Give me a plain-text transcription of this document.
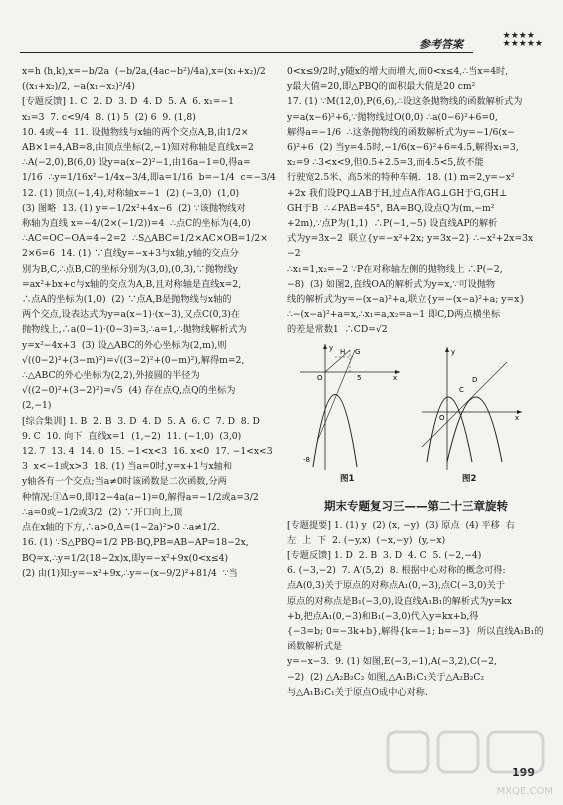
参考答案
★★★★
★★★★★

x=h (h,k),x=−b/2a  (−b/2a,(4ac−b²)/4a),x=(x₁+x₂)/2

((x₁+x₂)/2, −a(x₁−x₂)²/4)

[专题反馈] 1. C  2. D  3. D  4. D  5. A  6. x₁=−1

x₂=3  7. c<9/4  8. (1) 5  (2) 6  9. (1,8)

10. 4或−4  11. 设抛物线与x轴的两个交点A,B,由1/2×

AB×1=4,AB=8,由顶点坐标(2,−1)知对称轴是直线x=2

∴A(−2,0),B(6,0) 设y=a(x−2)²−1,由16a−1=0,得a=

1/16  ∴y=1/16x²−1/4x−3/4,即a=1/16  b=−1/4  c=−3/4

12. (1) 顶点(−1,4),对称轴x=−1  (2) (−3,0)  (1,0)

(3) 图略  13. (1) y=−1/2x²+4x−6  (2) ∵该抛物线对

称轴为直线 x=−4/(2×(−1/2))=4  ∴点C的坐标为(4,0)

∴AC=OC−OA=4−2=2  ∴S△ABC=1/2×AC×OB=1/2×

2×6=6  14. (1) ∵直线y=−x+3与x轴,y轴的交点分

别为B,C,∴点B,C的坐标分别为(3,0),(0,3),∵抛物线y

=ax²+bx+c与x轴的交点为A,B,且对称轴是直线x=2,

∴点A的坐标为(1,0)  (2) ∵点A,B是抛物线与x轴的

两个交点,设表达式为y=a(x−1)·(x−3),又点C(0,3)在

抛物线上,∴a(0−1)·(0−3)=3,∴a=1,∴抛物线解析式为

y=x²−4x+3  (3) 设△ABC的外心坐标为(2,m),则

√((0−2)²+(3−m)²)=√((3−2)²+(0−m)²),解得m=2,

∴△ABC的外心坐标为(2,2),外接圆的半径为

√((2−0)²+(3−2)²)=√5  (4) 存在点Q,点Q的坐标为

(2,−1)

[综合集训] 1. B  2. B  3. D  4. D  5. A  6. C  7. D  8. D

9. C  10. 向下  直线x=1  (1,−2)  11. (−1,0)  (3,0)

12. 7  13. 4  14. 0  15. −1<x<3  16. x<0  17. −1<x<3

3  x<−1或x>3  18. (1) 当a=0时,y=x+1与x轴和

y轴各有一个交点;当a≠0时该函数是二次函数,分两

种情况:①Δ=0,即12−4a(a−1)=0,解得a=−1/2或a=3/2

∴a=0或−1/2或3/2  (2) ∵开口向上,顶

点在x轴的下方,∴a>0,Δ=(1−2a)²>0 ∴a≠1/2.

16. (1) ∵S△PBQ=1/2 PB·BQ,PB=AB−AP=18−2x,

BQ=x,∴y=1/2(18−2x)x,即y=−x²+9x(0<x≤4)

(2) 由(1)知:y=−x²+9x,∴y=−(x−9/2)²+81/4  ∵当

0<x≤9/2时,y随x的增大而增大,而0<x≤4,∴当x=4时,

y最大值=20,即△PBQ的面积最大值是20 cm²

17. (1) ∵M(12,0),P(6,6),∴设这条抛物线的函数解析式为

y=a(x−6)²+6,∵抛物线过O(0,0) ∴a(0−6)²+6=0,

解得a=−1/6  ∴这条抛物线的函数解析式为y=−1/6(x−

6)²+6  (2) 当y=4.5时,−1/6(x−6)²+6=4.5,解得x₁=3,

x₂=9 ∴3<x<9,但0.5+2.5=3,而4.5<5,故不能

行驶宽2.5米、高5米的特种车辆.  18. (1) m=2,y=−x²

+2x 我们设PQ⊥AB于H,过点A作AG⊥GH于G,GH⊥

GH于B  ∴∠PAB=45°, BA=BQ,设点Q为(m,−m²

+2m),∵点P为(1,1)  ∴P(−1,−5) 设直线AP的解析

式为y=3x−2  联立{y=−x²+2x; y=3x−2} ∴−x²+2x=3x−2

∴x₁=1,x₂=−2 ∵P在对称轴左侧的抛物线上 ∴P(−2,

−8)  (3) 如图2,直线OA的解析式为y=x,∵可设抛物

线的解析式为y=−(x−a)²+a,联立{y=−(x−a)²+a; y=x}

∴−(x−a)²+a=x,∴x₁=a,x₂=a−1 即C,D两点横坐标

的差是常数1  ∴CD=√2

-8
H G
O	5	x
y
图1
O	x
y
C
D
图2
期末专题复习三——第二十三章旋转

[专题提要] 1. (1) y  (2) (x, −y)  (3) 原点  (4) 平移  右

左  上  下  2. (−y,x)  (−x,−y)  (y,−x)

[专题反馈] 1. D  2. B  3. D  4. C  5. (−2,−4)

6. (−3,−2)  7. A′(5,2)  8. 根据中心对称的概念可得:

点A(0,3)关于原点的对称点A₁(0,−3),点C(−3,0)关于

原点的对称点是B₁(−3,0),设直线A₁B₁的解析式为y=kx

+b,把点A₁(0,−3)和B₁(−3,0)代入y=kx+b,得

{−3=b; 0=−3k+b},解得{k=−1; b=−3}  所以直线A₁B₁的函数解析式是

y=−x−3.  9. (1) 如图,E(−3,−1),A(−3,2),C(−2,

−2)  (2) △A₂B₂C₂ 如图,△A₁B₁C₁关于△A₂B₂C₂

与△A₁B₁C₁关于原点O成中心对称.

199
MXQE.COM
